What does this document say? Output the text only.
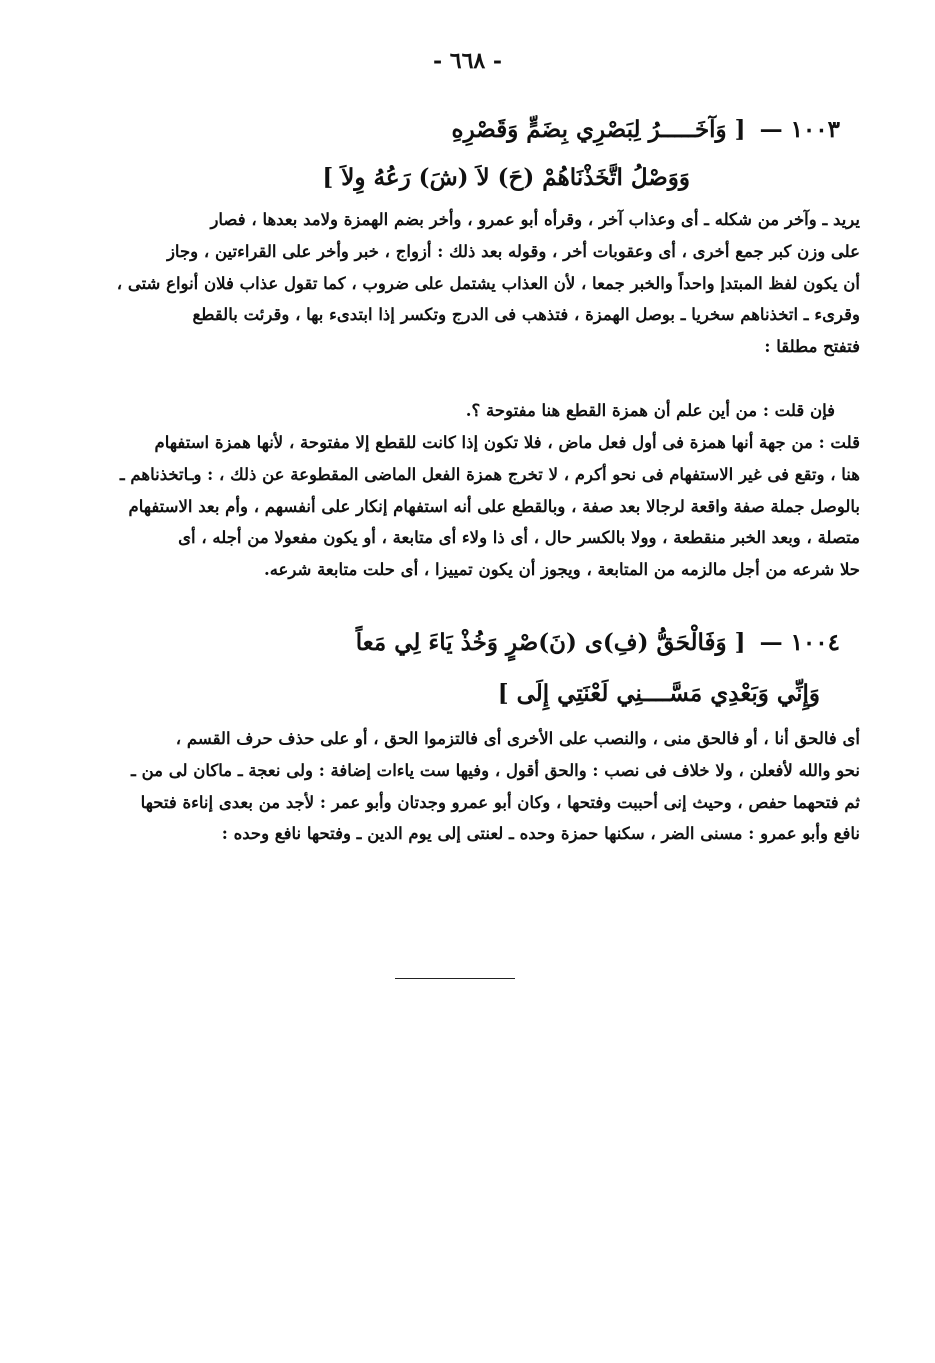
- ٦٦٨ -
١٠٠٣ —[ وَآخَـــــرُ لِبَصْرِي بِضَمٍّ وَقَصْرِهِ
وَوَصْلُ اتَّخَذْنَاهُمْ (حَ) لاَ (شَ) رَعُهُ وِلاَ ]
يريد ـ وآخر من شكله ـ أى وعذاب آخر ، وقرأه أبو عمرو ، وأخر بضم الهمزة ولامد بعدها ، فصار
على وزن كبر جمع أخرى ، أى وعقوبات أخر ، وقوله بعد ذلك : أزواج ، خبر وأخر على القراءتين ، وجاز
أن يكون لفظ المبتدإ واحداً والخبر جمعا ، لأن العذاب يشتمل على ضروب ، كما تقول عذاب فلان أنواع شتى ،
وقرىء ـ اتخذناهم سخريا ـ بوصل الهمزة ، فتذهب فى الدرج وتكسر إذا ابتدىء بها ، وقرئت بالقطع
فتفتح مطلقا :
فإن قلت : من أين علم أن همزة القطع هنا مفتوحة ؟.
قلت : من جهة أنها همزة فى أول فعل ماض ، فلا تكون إذا كانت للقطع إلا مفتوحة ، لأنها همزة استفهام
هنا ، وتقع فى غير الاستفهام فى نحو أكرم ، لا تخرج همزة الفعل الماضى المقطوعة عن ذلك ، : وـاتخذناهم ـ
بالوصل جملة صفة واقعة لرجالا بعد صفة ، وبالقطع على أنه استفهام إنكار على أنفسهم ، وأم بعد الاستفهام
متصلة ، وبعد الخبر منقطعة ، وولا بالكسر حال ، أى ذا ولاء أى متابعة ، أو يكون مفعولا من أجله ، أى
حلا شرعه من أجل مالزمه من المتابعة ، ويجوز أن يكون تمييزا ، أى حلت متابعة شرعه.
١٠٠٤ —[ وَفَالْحَقُّ (فِ)ى (نَ)صْرٍ وَخُذْ يَاءَ لِي مَعاً
وَإِنِّي وَبَعْدِي مَسَّــــنِي لَعْنَتِي إِلَى ]
أى فالحق أنا ، أو فالحق منى ، والنصب على الأخرى أى فالتزموا الحق ، أو على حذف حرف القسم ،
نحو والله لأفعلن ، ولا خلاف فى نصب : والحق أقول ، وفيها ست ياءات إضافة : ولى نعجة ـ ماكان لى من ـ
ثم فتحهما حفص ، وحيث إنى أحببت وفتحها ، وكان أبو عمرو وجدتان وأبو عمر : لأجد من بعدى إناءة فتحها
نافع وأبو عمرو : مسنى الضر ، سكنها حمزة وحده ـ لعنتى إلى يوم الدين ـ وفتحها نافع وحده :
